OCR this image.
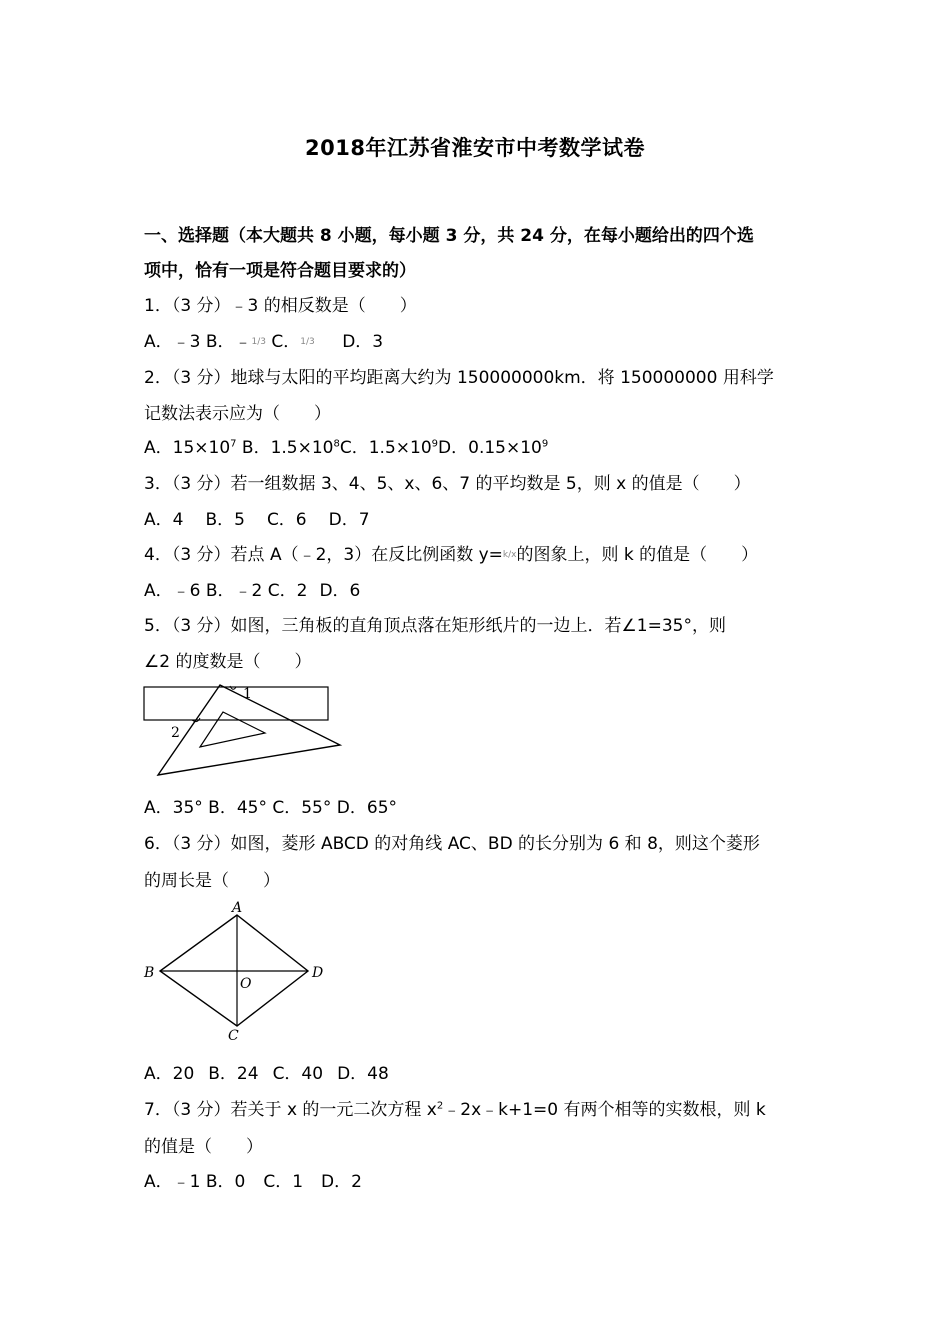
2018年江苏省淮安市中考数学试卷
一、选择题（本大题共 8 小题，每小题 3 分，共 24 分，在每小题给出的四个选
项中，恰有一项是符合题目要求的）
1．（3 分）﹣3 的相反数是（　　）
A．﹣3 B．﹣1/3 C．1/3 D．3
2．（3 分）地球与太阳的平均距离大约为 150000000km．将 150000000 用科学
记数法表示应为（　　）
A．$15\times 10^7$ B．$1.5\times 10^8C$．$1.5\times 10^9D$．$0.15\times 10^9$
3．（3 分）若一组数据 3、4、5、x、6、7 的平均数是 5，则 x 的值是（　　）
A．4 B．5 C．6 D．7
4．（3 分）若点 A（﹣2，3）在反比例函数 y=k/x的图象上，则 k 的值是（　　）
A．﹣6 B．﹣2 C．2 D．6
5．（3 分）如图，三角板的直角顶点落在矩形纸片的一边上．若∠1=35°，则
∠2 的度数是（　　）
1
2
A．35° B．45° C．55° D．65°
6．（3 分）如图，菱形 ABCD 的对角线 AC、BD 的长分别为 6 和 8，则这个菱形
的周长是（　　）
A
B
C
D
O
A．20 B．24 C．40 D．48
7．（3 分）若关于 x 的一元二次方程 $x^2﹣2x﹣k+1=0$ 有两个相等的实数根，则 k
的值是（　　）
A．﹣1 B．0 C．1 D．2
